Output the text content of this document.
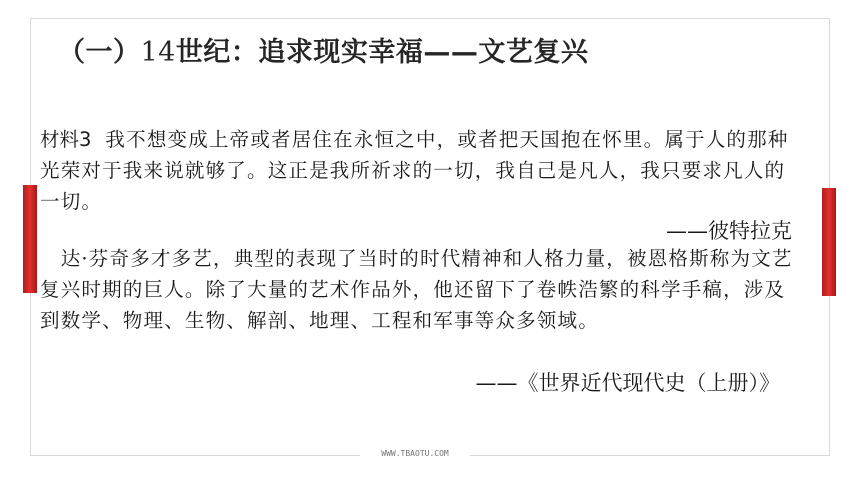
（一）14世纪：追求现实幸福——文艺复兴
材料3 我不想变成上帝或者居住在永恒之中，或者把天国抱在怀里。属于人的那种光荣对于我来说就够了。这正是我所祈求的一切，我自己是凡人，我只要求凡人的一切。
——彼特拉克
　达·芬奇多才多艺，典型的表现了当时的时代精神和人格力量，被恩格斯称为文艺复兴时期的巨人。除了大量的艺术作品外，他还留下了卷帙浩繁的科学手稿，涉及到数学、物理、生物、解剖、地理、工程和军事等众多领域。
——《世界近代现代史（上册）》
WWW.TBAOTU.COM
